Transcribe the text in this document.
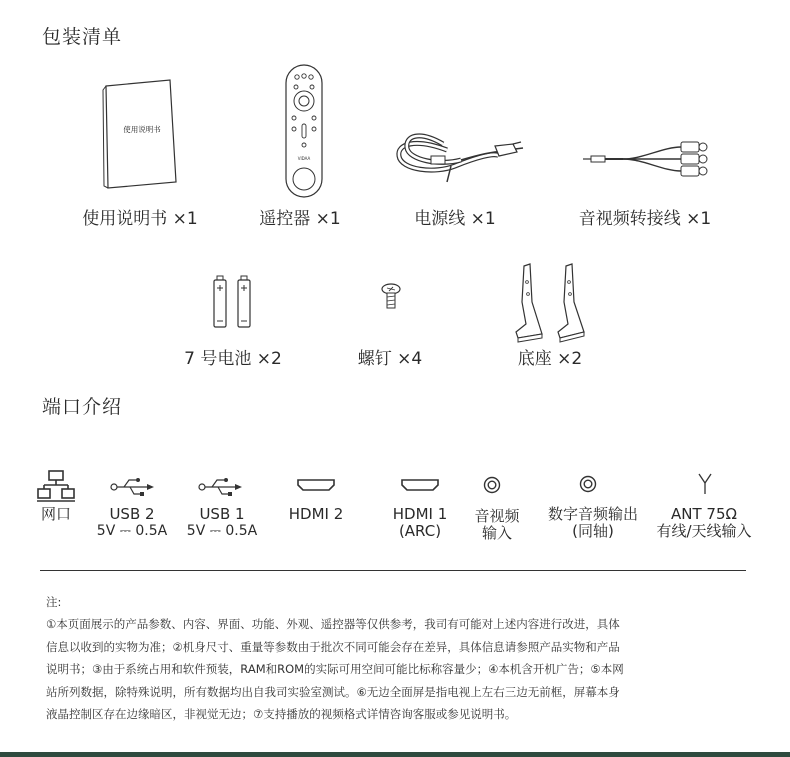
包装清单
使用说明书
VIDAA
使用说明书 ×1	遥控器 ×1	电源线 ×1	音视频转接线 ×1
7 号电池 ×2	螺钉 ×4	底座 ×2
端口介绍
网口	USB 2
5V ⎓ 0.5A
USB 1
5V ⎓ 0.5A
HDMI 2	HDMI 1
(ARC)
音视频
输入
数字音频输出
(同轴)
ANT 75Ω
有线/天线输入
注:
①本页面展示的产品参数、内容、界面、功能、外观、遥控器等仅供参考，我司有可能对上述内容进行改进，具体
信息以收到的实物为准；②机身尺寸、重量等参数由于批次不同可能会存在差异，具体信息请参照产品实物和产品
说明书；③由于系统占用和软件预装，RAM和ROM的实际可用空间可能比标称容量少；④本机含开机广告；⑤本网
站所列数据，除特殊说明，所有数据均出自我司实验室测试。⑥无边全面屏是指电视上左右三边无前框，屏幕本身
液晶控制区存在边缘暗区，非视觉无边；⑦支持播放的视频格式详情咨询客服或参见说明书。
